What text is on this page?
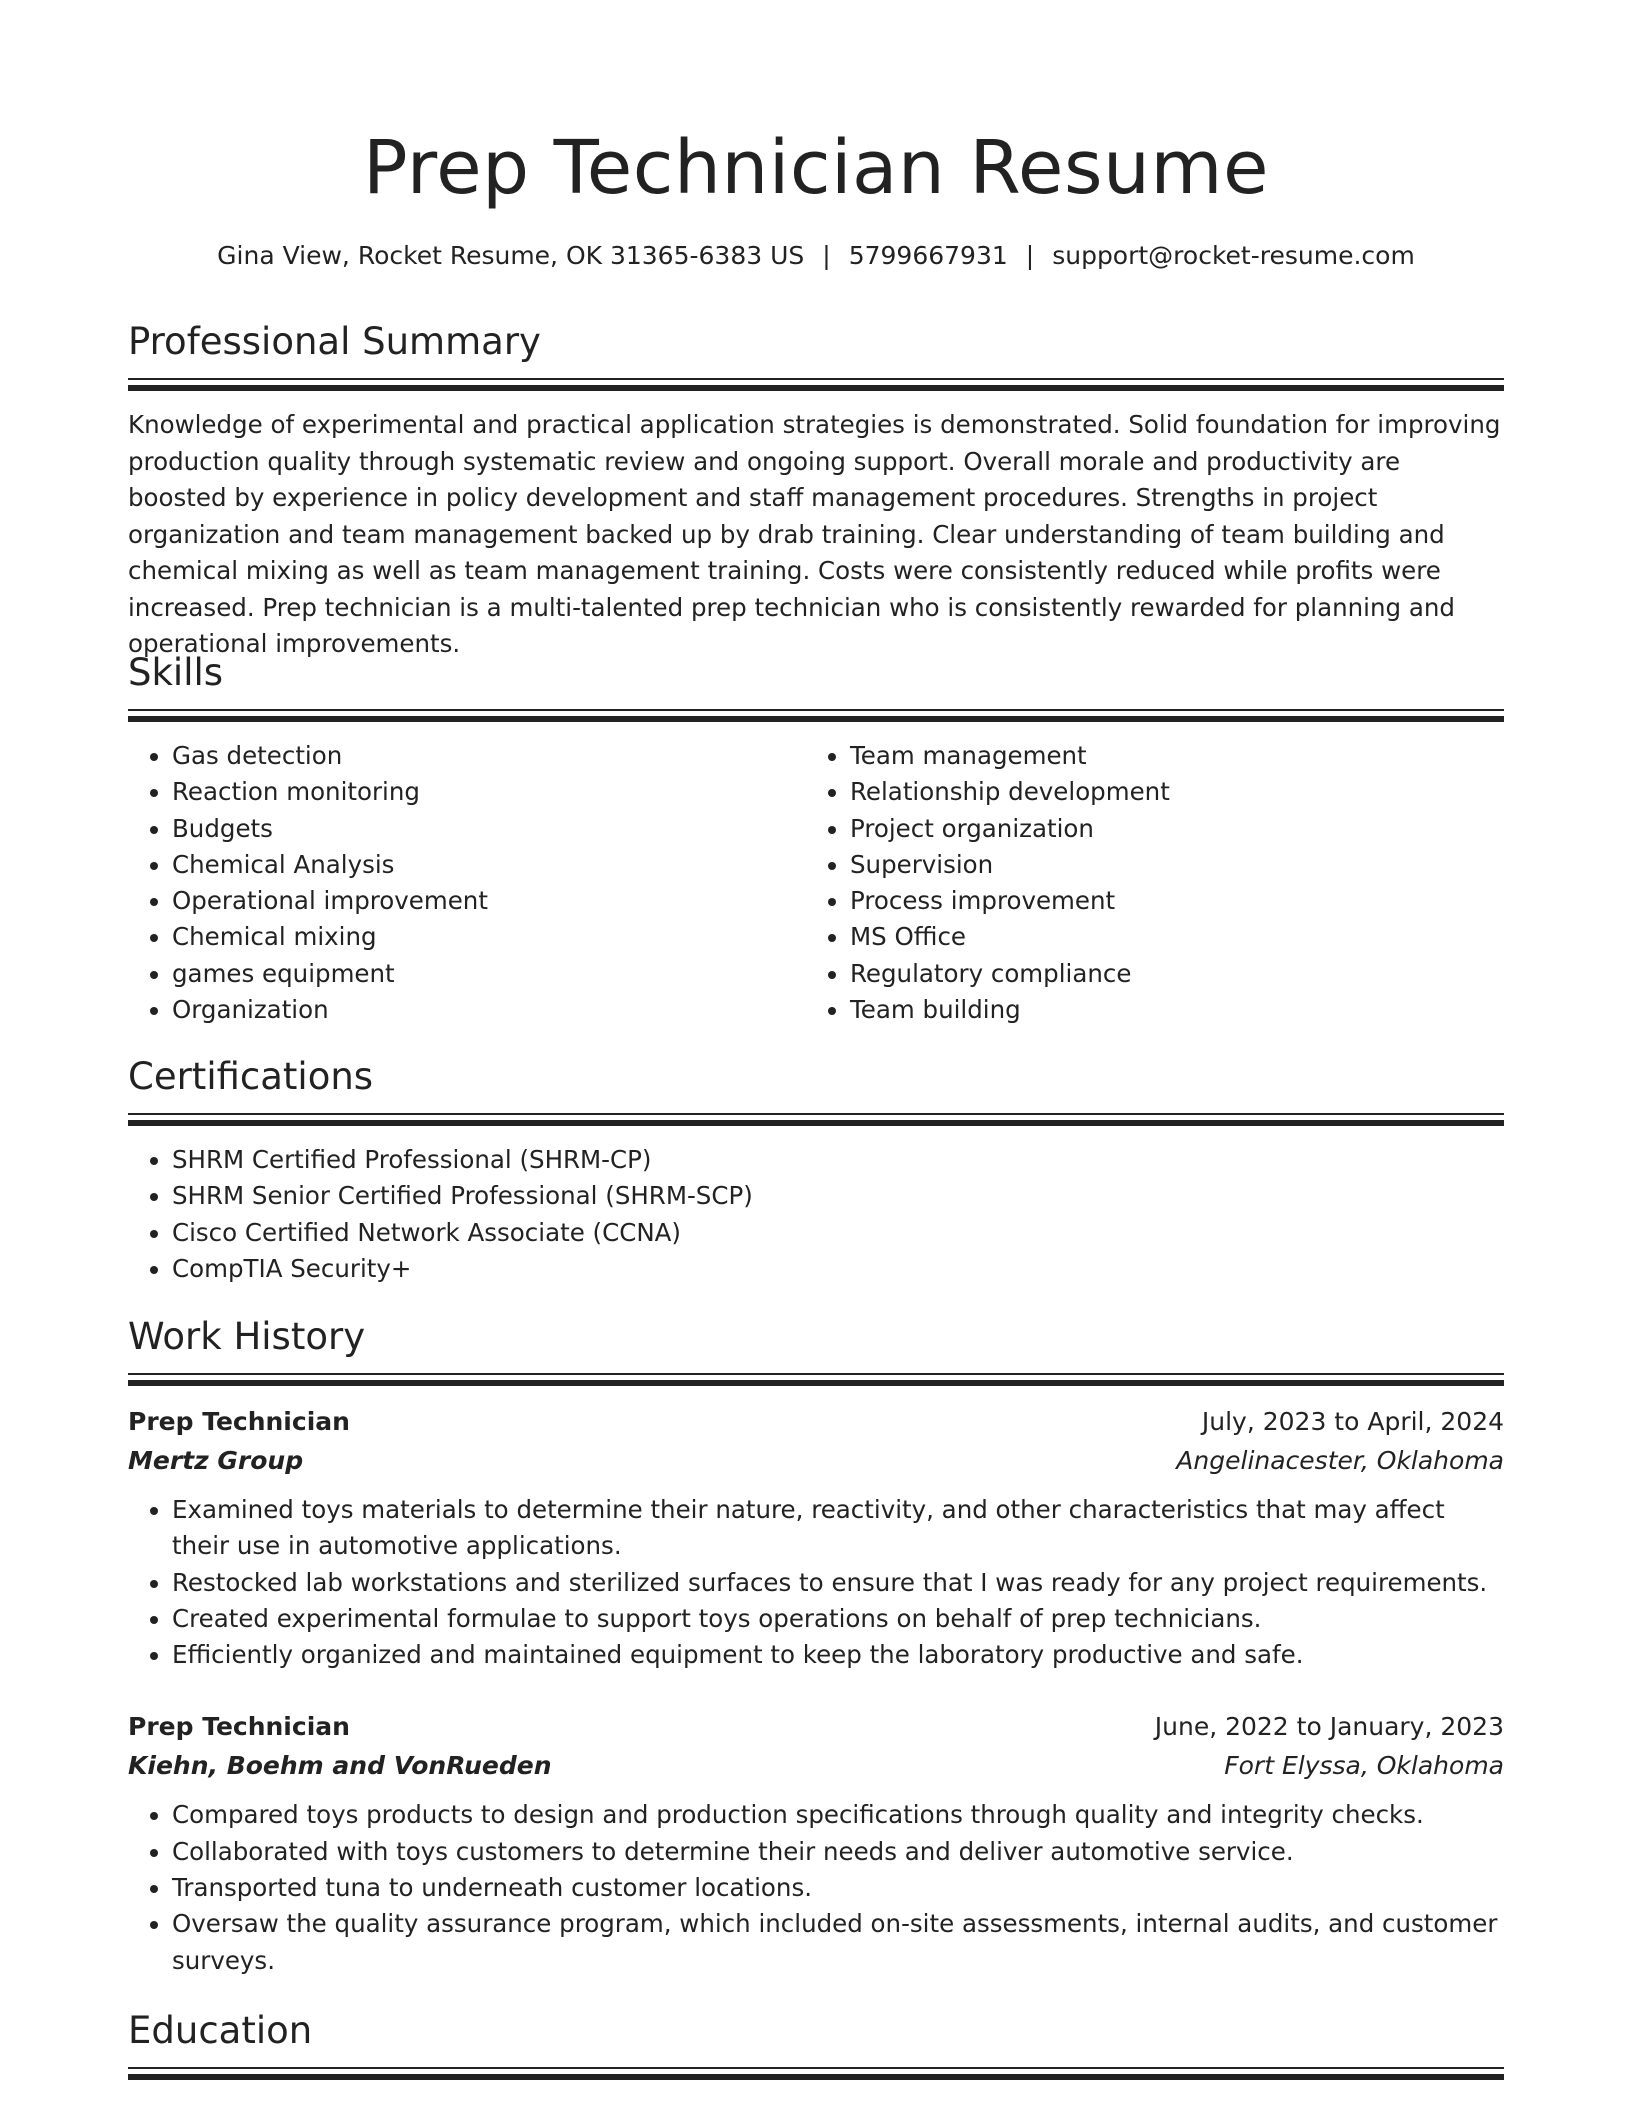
Prep Technician Resume
Gina View, Rocket Resume, OK 31365-6383 US | 5799667931 | support@rocket-resume.com
Professional Summary

Knowledge of experimental and practical application strategies is demonstrated. Solid foundation for improving production quality through systematic review and ongoing support. Overall morale and productivity are boosted by experience in policy development and staff management procedures. Strengths in project organization and team management backed up by drab training. Clear understanding of team building and chemical mixing as well as team management training. Costs were consistently reduced while profits were increased. Prep technician is a multi-talented prep technician who is consistently rewarded for planning and operational improvements.

Skills
• Gas detection
• Reaction monitoring
• Budgets
• Chemical Analysis
• Operational improvement
• Chemical mixing
• games equipment
• Organization
• Team management
• Relationship development
• Project organization
• Supervision
• Process improvement
• MS Office
• Regulatory compliance
• Team building
Certifications
• SHRM Certified Professional (SHRM-CP)
• SHRM Senior Certified Professional (SHRM-SCP)
• Cisco Certified Network Associate (CCNA)
• CompTIA Security+
Work History
Prep Technician	July, 2023 to April, 2024
Mertz Group	Angelinacester, Oklahoma
• Examined toys materials to determine their nature, reactivity, and other characteristics that may affect their use in automotive applications.
• Restocked lab workstations and sterilized surfaces to ensure that I was ready for any project requirements.
• Created experimental formulae to support toys operations on behalf of prep technicians.
• Efficiently organized and maintained equipment to keep the laboratory productive and safe.
Prep Technician	June, 2022 to January, 2023
Kiehn, Boehm and VonRueden	Fort Elyssa, Oklahoma
• Compared toys products to design and production specifications through quality and integrity checks.
• Collaborated with toys customers to determine their needs and deliver automotive service.
• Transported tuna to underneath customer locations.
• Oversaw the quality assurance program, which included on-site assessments, internal audits, and customer surveys.
Education
